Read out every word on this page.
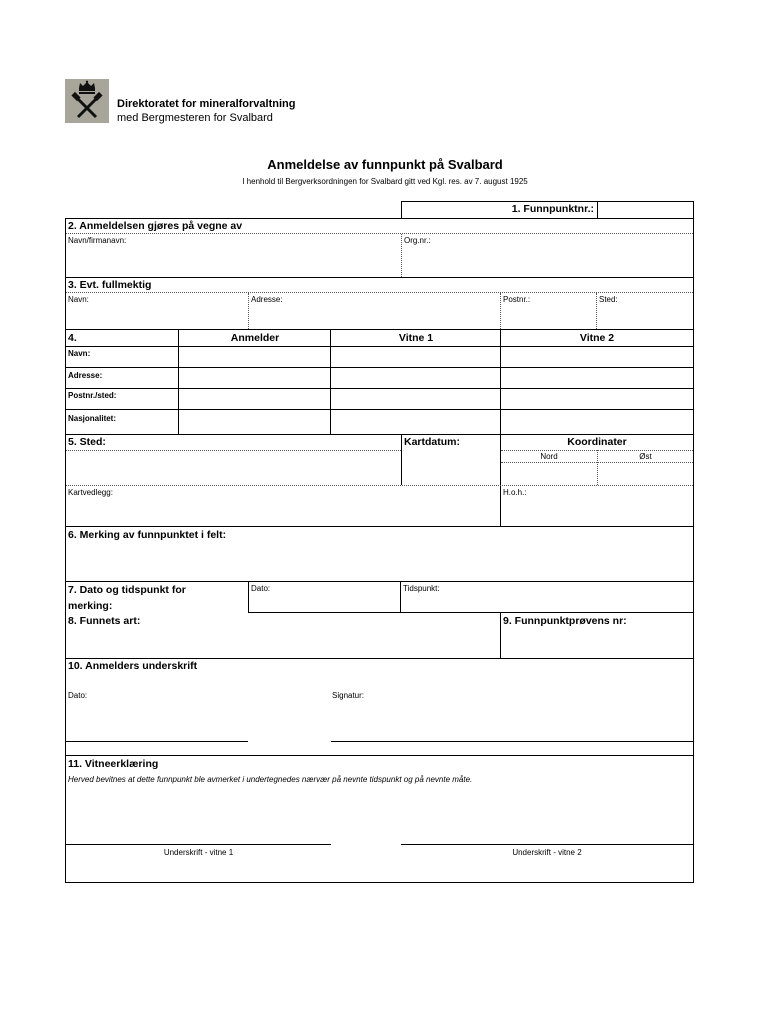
Direktoratet for mineralforvaltning
med Bergmesteren for Svalbard
Anmeldelse av funnpunkt på Svalbard
I henhold til Bergverksordningen for Svalbard gitt ved Kgl. res. av 7. august 1925
1. Funnpunktnr.:
2. Anmeldelsen gjøres på vegne av
Navn/firmanavn:	Org.nr.:
3. Evt. fullmektig
Navn:	Adresse:	Postnr.:	Sted:
4.	Anmelder	Vitne 1	Vitne 2
Navn:
Adresse:
Postnr./sted:
Nasjonalitet:
5. Sted:	Kartdatum:	Koordinater
Nord	Øst
Kartvedlegg:	H.o.h.:
6. Merking av funnpunktet i felt:
7. Dato og tidspunkt for
merking:
Dato:	Tidspunkt:
8. Funnets art:	9. Funnpunktprøvens nr:
10. Anmelders underskrift
Dato:	Signatur:
11. Vitneerklæring
Herved bevitnes at dette funnpunkt ble avmerket i undertegnedes nærvær på nevnte tidspunkt og på nevnte måte.
Underskrift - vitne 1	Underskrift - vitne 2
